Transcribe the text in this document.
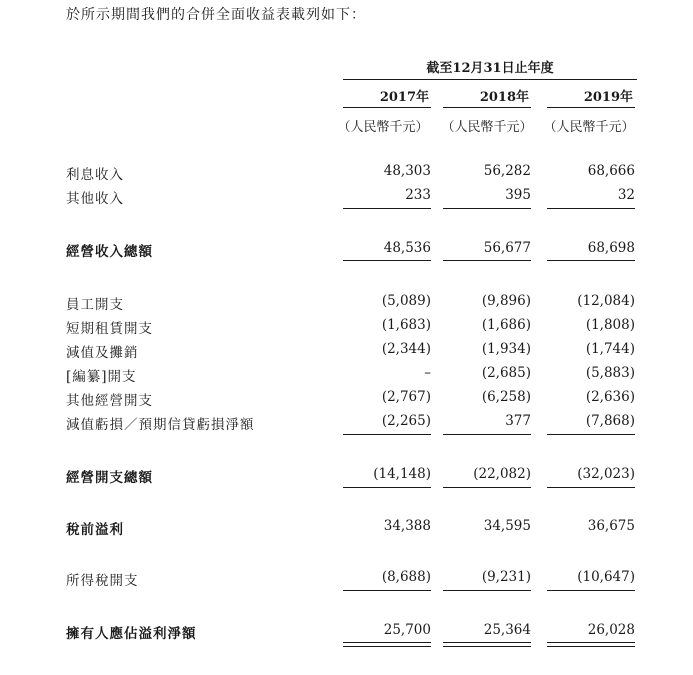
於所示期間我們的合併全面收益表載列如下：
截至12月31日止年度
2017年	2018年	2019年
（人民幣千元） （人民幣千元） （人民幣千元）
利息收入	48,303	56,282	68,666
其他收入	233	395	32
經營收入總額	48,536	56,677	68,698
員工開支	(5,089)	(9,896)	(12,084)
短期租賃開支	(1,683)	(1,686)	(1,808)
減值及攤銷	(2,344)	(1,934)	(1,744)
[編纂]開支	–	(2,685)	(5,883)
其他經營開支	(2,767)	(6,258)	(2,636)
減值虧損／預期信貸虧損淨額	(2,265)	377	(7,868)
經營開支總額	(14,148)	(22,082)	(32,023)
稅前溢利	34,388	34,595	36,675
所得稅開支	(8,688)	(9,231)	(10,647)
擁有人應佔溢利淨額	25,700	25,364	26,028
